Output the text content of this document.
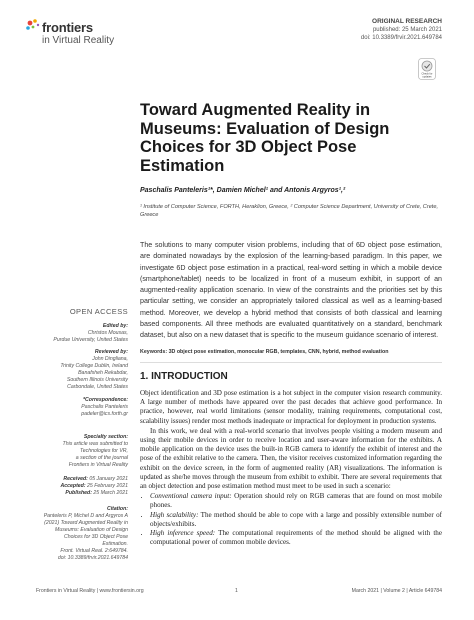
frontiers
in Virtual Reality
ORIGINAL RESEARCH
published: 25 March 2021
doi: 10.3389/frvir.2021.649784
Check for
updates
Toward Augmented Reality in Museums: Evaluation of Design Choices for 3D Object Pose Estimation
Paschalis Panteleris¹*, Damien Michel¹ and Antonis Argyros¹,²
¹ Institute of Computer Science, FORTH, Heraklion, Greece, ² Computer Science Department, University of Crete, Crete, Greece
The solutions to many computer vision problems, including that of 6D object pose estimation, are dominated nowadays by the explosion of the learning-based paradigm. In this paper, we investigate 6D object pose estimation in a practical, real-word setting in which a mobile device (smartphone/tablet) needs to be localized in front of a museum exhibit, in support of an augmented-reality application scenario. In view of the constraints and the priorities set by this particular setting, we consider an appropriately tailored classical as well as a learning-based method. Moreover, we develop a hybrid method that consists of both classical and learning based components. All three methods are evaluated quantitatively on a standard, benchmark dataset, but also on a new dataset that is specific to the museum guidance scenario of interest.
Keywords: 3D object pose estimation, monocular RGB, templates, CNN, hybrid, method evaluation
1. INTRODUCTION

Object identification and 3D pose estimation is a hot subject in the computer vision research community. A large number of methods have appeared over the past decades that achieve good performance. In practice, however, real world limitations (sensor modality, training requirements, computational cost, scalability issues) render most methods inadequate or impractical for deployment in production systems.

In this work, we deal with a real-world scenario that involves people visiting a modern museum and using their mobile devices in order to receive location and user-aware information for the exhibits. A mobile application on the device uses the built-in RGB camera to identify the exhibit of interest and the pose of the exhibit relative to the camera. Then, the visitor receives customized information regarding the exhibit on the device screen, in the form of augmented reality (AR) visualizations. The information is updated as she/he moves through the museum from exhibit to exhibit. There are several requirements that an object detection and pose estimation method must meet to be used in such a scenario:

• Conventional camera input: Operation should rely on RGB cameras that are found on most mobile phones.
• High scalability: The method should be able to cope with a large and possibly extensible number of objects/exhibits.
• High inference speed: The computational requirements of the method should be aligned with the computational power of common mobile devices.
OPEN ACCESS
Edited by:
Christos Mousas,
Purdue University, United States
Reviewed by:
John Dingliana,
Trinity College Dublin, Ireland
Banafsheh Rekabdar,
Southern Illinois University
Carbondale, United States
*Correspondence:
Paschalis Panteleris
padeler@ics.forth.gr
Specialty section:
This article was submitted to
Technologies for VR,
a section of the journal
Frontiers in Virtual Reality
Received: 05 January 2021
Accepted: 25 February 2021
Published: 25 March 2021
Citation:
Panteleris P, Michel D and Argyros A
(2021) Toward Augmented Reality in
Museums: Evaluation of Design
Choices for 3D Object Pose
Estimation.
Front. Virtual Real. 2:649784.
doi: 10.3389/frvir.2021.649784
Frontiers in Virtual Reality | www.frontiersin.org	1	March 2021 | Volume 2 | Article 649784
